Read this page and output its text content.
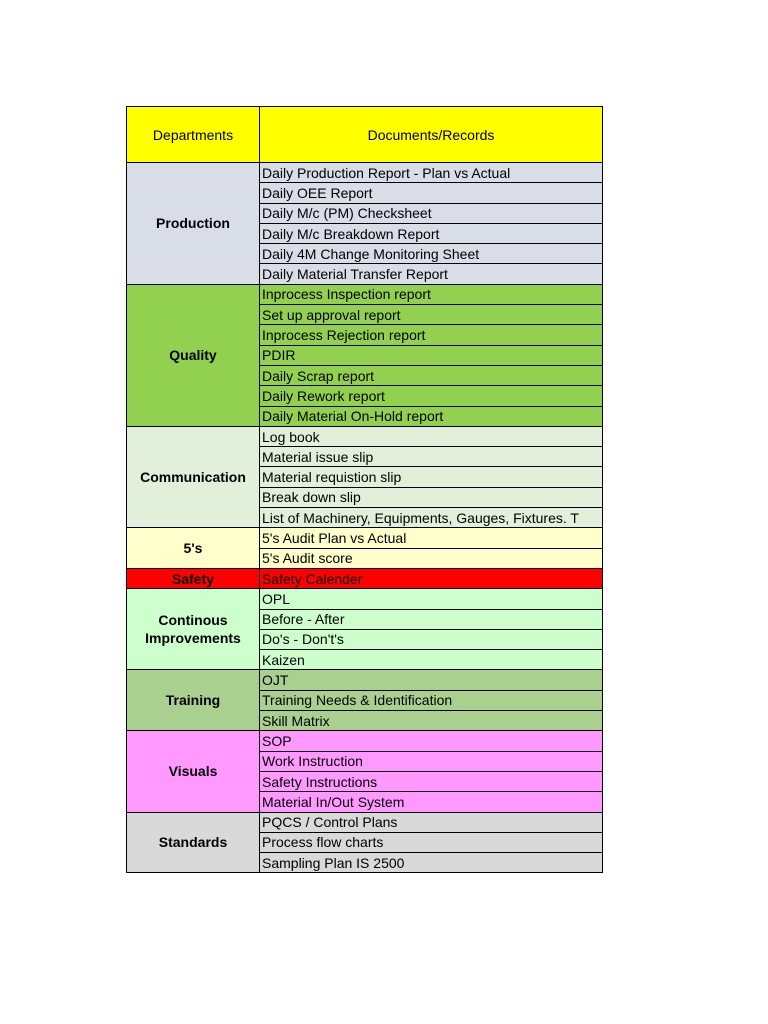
Departments	Documents/Records
Production	Daily Production Report - Plan vs Actual
	Daily OEE Report
	Daily M/c (PM) Checksheet
	Daily M/c Breakdown Report
	Daily 4M Change Monitoring Sheet
	Daily Material Transfer Report
Quality	Inprocess Inspection report
	Set up approval report
	Inprocess Rejection report
	PDIR
	Daily Scrap report
	Daily Rework report
	Daily Material On-Hold report
Communication	Log book
	Material issue slip
	Material requistion slip
	Break down slip
	List of Machinery, Equipments, Gauges, Fixtures. T
5's	5's Audit Plan vs Actual
	5's Audit score
Safety	Safety Calender
Continous Improvements	OPL
	Before - After
	Do's - Don't's
	Kaizen
Training	OJT
	Training Needs & Identification
	Skill Matrix
Visuals	SOP
	Work Instruction
	Safety Instructions
	Material In/Out System
Standards	PQCS / Control Plans
	Process flow charts
	Sampling Plan IS 2500
